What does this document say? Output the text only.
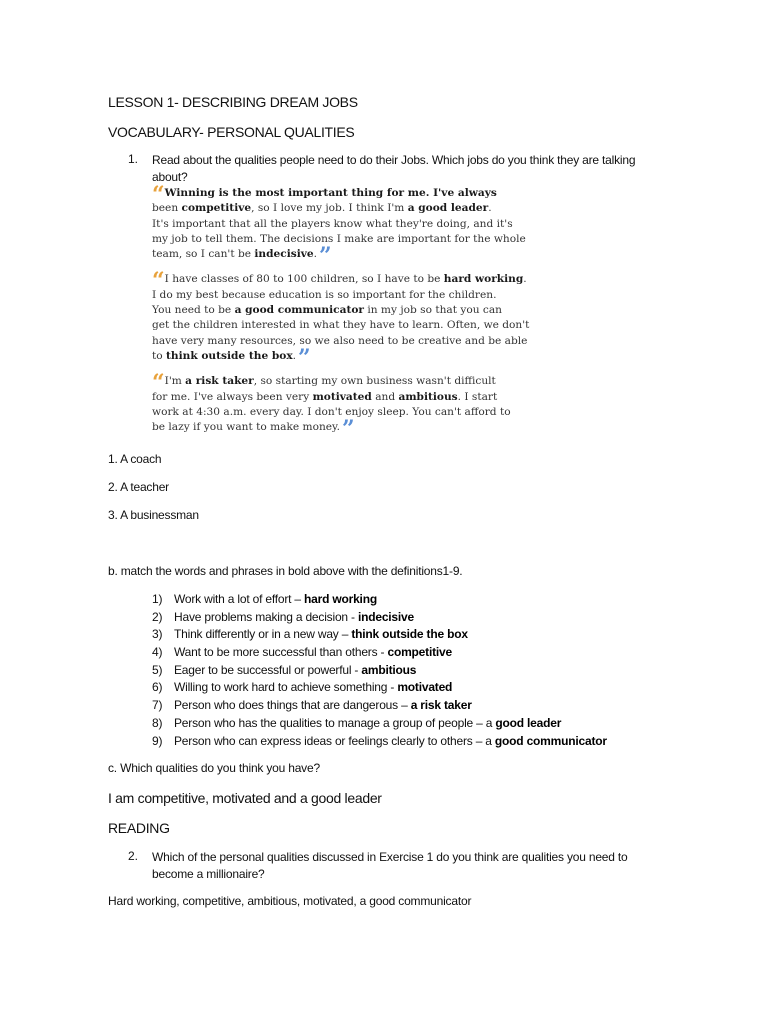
LESSON 1- DESCRIBING DREAM JOBS
VOCABULARY- PERSONAL QUALITIES
1. Read about the qualities people need to do their Jobs. Which jobs do you think they are talking about?
“ Winning is the most important thing for me. I've always
been competitive, so I love my job. I think I'm a good leader.
It's important that all the players know what they're doing, and it's
my job to tell them. The decisions I make are important for the whole
team, so I can't be indecisive.”
“ I have classes of 80 to 100 children, so I have to be hard working.
I do my best because education is so important for the children.
You need to be a good communicator in my job so that you can
get the children interested in what they have to learn. Often, we don't
have very many resources, so we also need to be creative and be able
to think outside the box.”
“ I'm a risk taker, so starting my own business wasn't difficult
for me. I've always been very motivated and ambitious. I start
work at 4:30 a.m. every day. I don't enjoy sleep. You can't afford to
be lazy if you want to make money.”
1. A coach
2. A teacher
3. A businessman
b. match the words and phrases in bold above with the definitions1-9.
1) Work with a lot of effort – hard working
2) Have problems making a decision - indecisive
3) Think differently or in a new way – think outside the box
4) Want to be more successful than others - competitive
5) Eager to be successful or powerful - ambitious
6) Willing to work hard to achieve something - motivated
7) Person who does things that are dangerous – a risk taker
8) Person who has the qualities to manage a group of people – a good leader
9) Person who can express ideas or feelings clearly to others – a good communicator
c. Which qualities do you think you have?
I am competitive, motivated and a good leader
READING
2. Which of the personal qualities discussed in Exercise 1 do you think are qualities you need to become a millionaire?
Hard working, competitive, ambitious, motivated, a good communicator
